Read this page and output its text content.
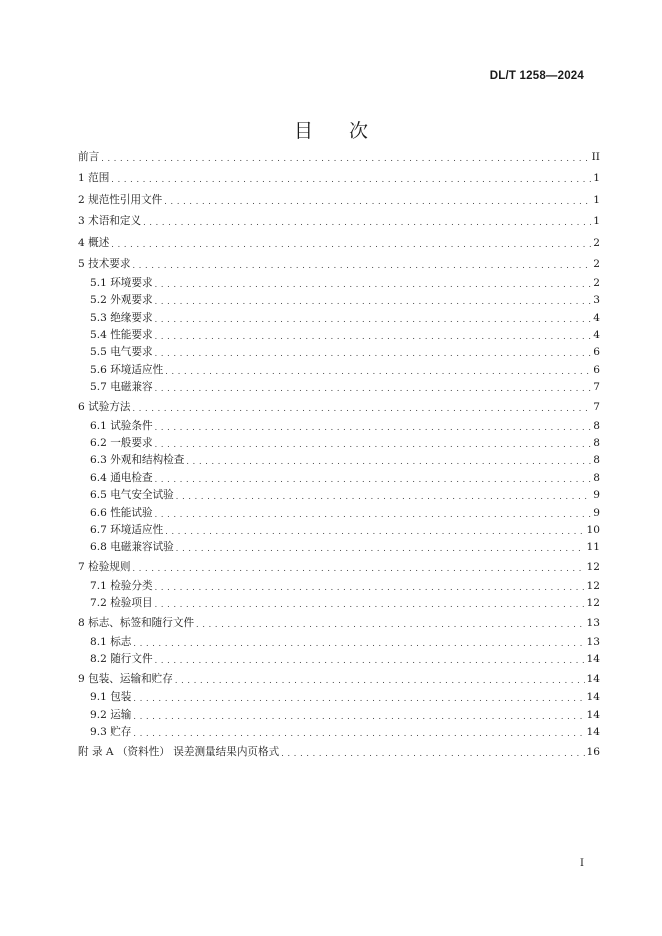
DL/T 1258—2024
目 次
前言 . . .	II
1 范围 . . .	1
2 规范性引用文件 . . .	1
3 术语和定义 . . .	1
4 概述 . . .	2
5 技术要求 . . .	2
5.1 环境要求 . . .	2
5.2 外观要求 . . .	3
5.3 绝缘要求 . . .	4
5.4 性能要求 . . .	4
5.5 电气要求 . . .	6
5.6 环境适应性 . . .	6
5.7 电磁兼容 . . .	7
6 试验方法 . . .	7
6.1 试验条件 . . .	8
6.2 一般要求 . . .	8
6.3 外观和结构检查 . . .	8
6.4 通电检查 . . .	8
6.5 电气安全试验 . . .	9
6.6 性能试验 . . .	9
6.7 环境适应性 . . .	10
6.8 电磁兼容试验 . . .	11
7 检验规则 . . .	12
7.1 检验分类 . . .	12
7.2 检验项目 . . .	12
8 标志、标签和随行文件 . . .	13
8.1 标志 . . .	13
8.2 随行文件 . . .	14
9 包装、运输和贮存 . . .	14
9.1 包装 . . .	14
9.2 运输 . . .	14
9.3 贮存 . . .	14
附 录 A （资料性） 误差测量结果内页格式 . . .	16
I
